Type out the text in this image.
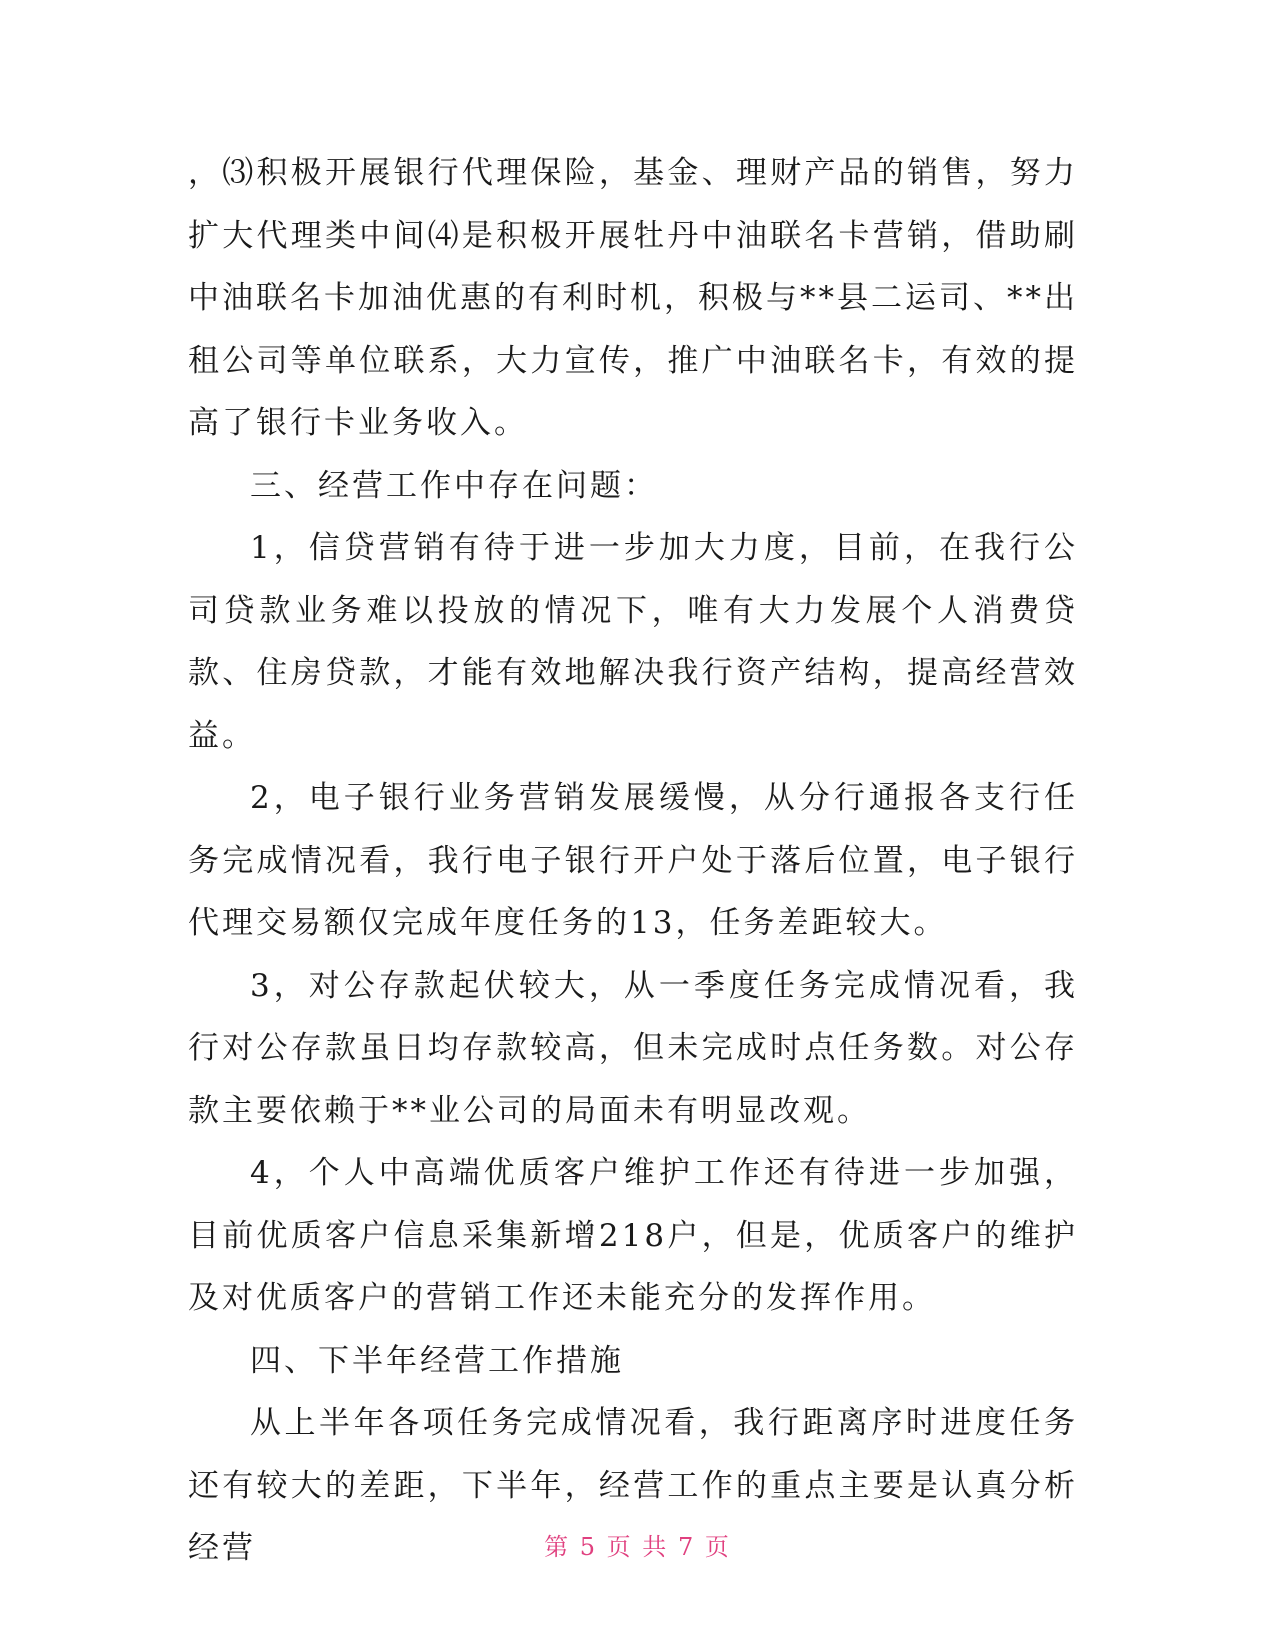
，⑶积极开展银行代理保险，基金、理财产品的销售，努力扩大代理类中间⑷是积极开展牡丹中油联名卡营销，借助刷中油联名卡加油优惠的有利时机，积极与**县二运司、**出租公司等单位联系，大力宣传，推广中油联名卡，有效的提高了银行卡业务收入。

三、经营工作中存在问题：

1，信贷营销有待于进一步加大力度，目前，在我行公司贷款业务难以投放的情况下，唯有大力发展个人消费贷款、住房贷款，才能有效地解决我行资产结构，提高经营效益。

2，电子银行业务营销发展缓慢，从分行通报各支行任务完成情况看，我行电子银行开户处于落后位置，电子银行代理交易额仅完成年度任务的13，任务差距较大。

3，对公存款起伏较大，从一季度任务完成情况看，我行对公存款虽日均存款较高，但未完成时点任务数。对公存款主要依赖于**业公司的局面未有明显改观。

4，个人中高端优质客户维护工作还有待进一步加强，目前优质客户信息采集新增218户，但是，优质客户的维护及对优质客户的营销工作还未能充分的发挥作用。

四、下半年经营工作措施

从上半年各项任务完成情况看，我行距离序时进度任务还有较大的差距，下半年，经营工作的重点主要是认真分析经营	第 5 页 共 7 页
